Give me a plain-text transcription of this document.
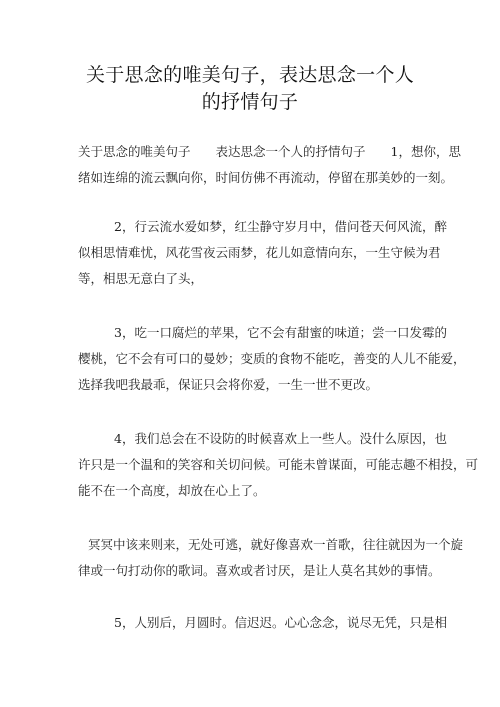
关于思念的唯美句子，表达思念一个人
的抒情句子
关于思念的唯美句子　　表达思念一个人的抒情句子　　1，想你，思
绪如连绵的流云飘向你，时间仿佛不再流动，停留在那美妙的一刻。
2，行云流水爱如梦，红尘静守岁月中，借问苍天何风流，醉
似相思情难忧，风花雪夜云雨梦，花儿如意情向东，一生守候为君
等，相思无意白了头，
3，吃一口腐烂的苹果，它不会有甜蜜的味道；尝一口发霉的
樱桃，它不会有可口的曼妙；变质的食物不能吃，善变的人儿不能爱，
选择我吧我最乖，保证只会将你爱，一生一世不更改。
4，我们总会在不设防的时候喜欢上一些人。没什么原因，也
许只是一个温和的笑容和关切问候。可能未曾谋面，可能志趣不相投，可
能不在一个高度，却放在心上了。
冥冥中该来则来，无处可逃，就好像喜欢一首歌，往往就因为一个旋
律或一句打动你的歌词。喜欢或者讨厌，是让人莫名其妙的事情。
5，人别后，月圆时。信迟迟。心心念念，说尽无凭，只是相
